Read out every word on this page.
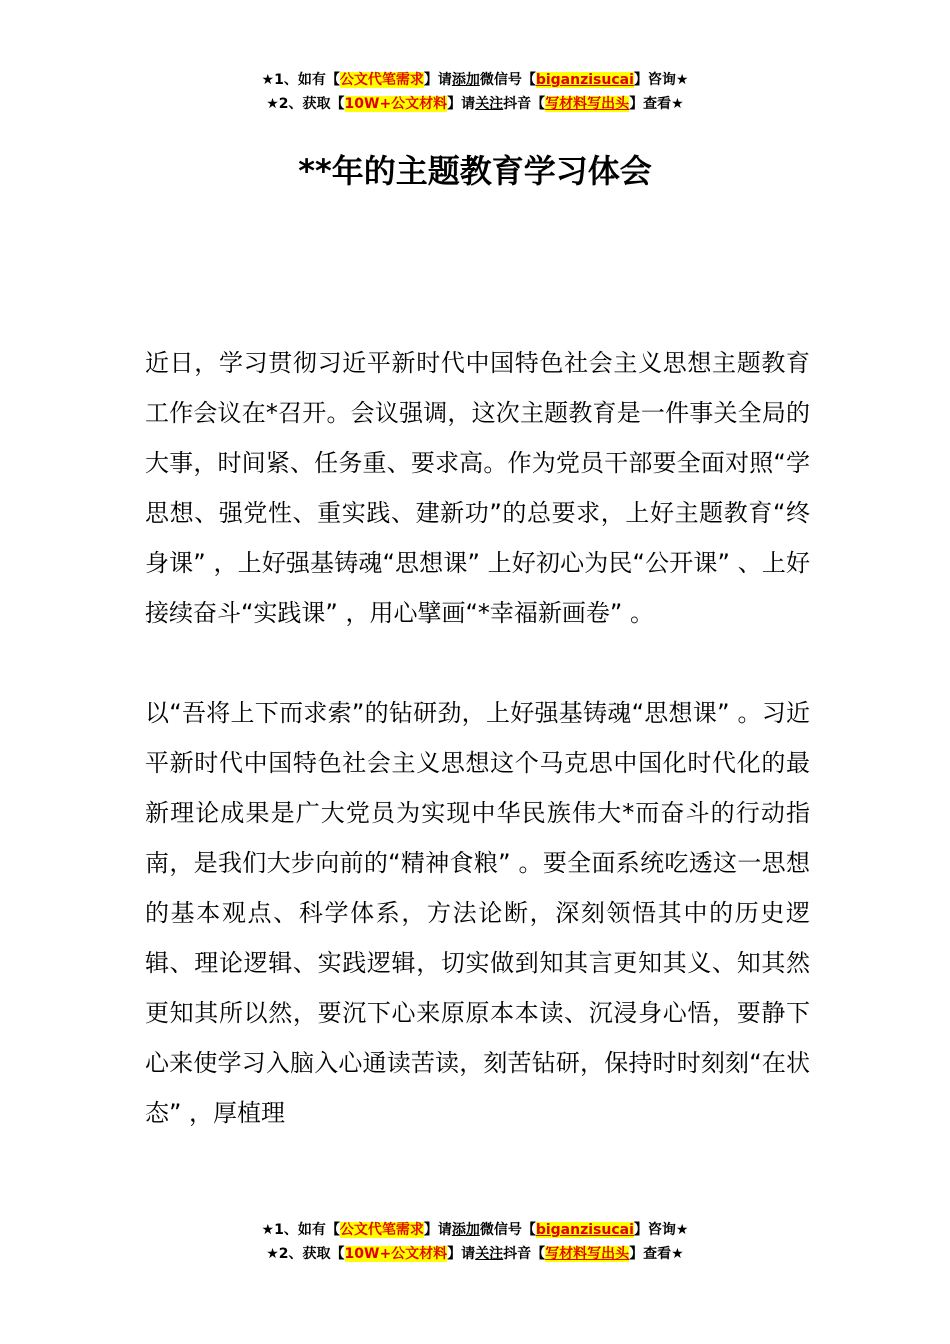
★1、如有【公文代笔需求】请添加微信号【biganzisucai】咨询★
★2、获取【10W+公文材料】请关注抖音【写材料写出头】查看★
**年的主题教育学习体会

近日，学习贯彻习近平新时代中国特色社会主义思想主题教育工作会议在*召开。会议强调，这次主题教育是一件事关全局的大事，时间紧、任务重、要求高。作为党员干部要全面对照“学思想、强党性、重实践、建新功”的总要求，上好主题教育“终身课” ，上好强基铸魂“思想课” 上好初心为民“公开课” 、上好接续奋斗“实践课” ，用心擘画“*幸福新画卷” 。

以“吾将上下而求索”的钻研劲，上好强基铸魂“思想课” 。习近平新时代中国特色社会主义思想这个马克思中国化时代化的最新理论成果是广大党员为实现中华民族伟大*而奋斗的行动指南，是我们大步向前的“精神食粮” 。要全面系统吃透这一思想的基本观点、科学体系，方法论断，深刻领悟其中的历史逻辑、理论逻辑、实践逻辑，切实做到知其言更知其义、知其然更知其所以然，要沉下心来原原本本读、沉浸身心悟，要静下心来使学习入脑入心通读苦读，刻苦钻研，保持时时刻刻“在状态” ，厚植理

★1、如有【公文代笔需求】请添加微信号【biganzisucai】咨询★
★2、获取【10W+公文材料】请关注抖音【写材料写出头】查看★
